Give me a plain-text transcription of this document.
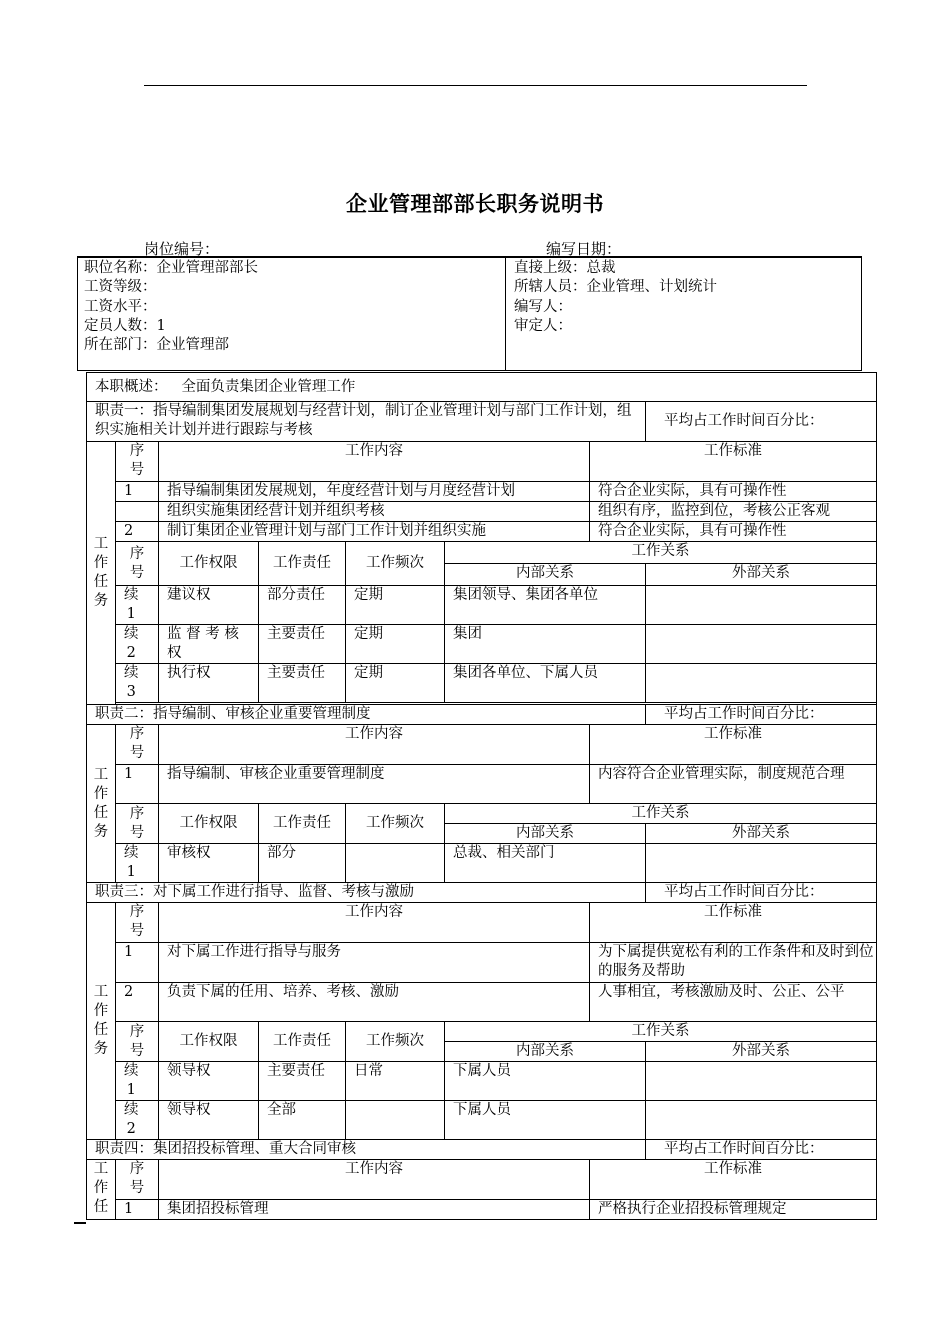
企业管理部部长职务说明书
岗位编号：	编写日期：
职位名称：企业管理部部长
工资等级：
工资水平：
定员人数：1
所在部门：企业管理部
直接上级：总裁
所辖人员：企业管理、计划统计
编写人：
审定人：
本职概述： 全面负责集团企业管理工作							
职责一：指导编制集团发展规划与经营计划，制订企业管理计划与部门工作计划，组织实施相关计划并进行跟踪与考核							平均占工作时间百分比：

工作任务	序号	工作内容				工作标准	
	1	指导编制集团发展规划，年度经营计划与月度经营计划				符合企业实际，具有可操作性	
		组织实施集团经营计划并组织考核				组织有序，监控到位，考核公正客观	
	2	制订集团企业管理计划与部门工作计划并组织实施				符合企业实际，具有可操作性	

	序号	工作权限	工作责任	工作频次	工作关系		
					内部关系		外部关系

	续1	建议权	部分责任	定期	集团领导、集团各单位		

	续2	监 督 考 核 权	主要责任	定期	集团		

	续3	执行权	主要责任	定期	集团各单位、下属人员		

职责二：指导编制、审核企业重要管理制度							平均占工作时间百分比：

工作任务	序号	工作内容				工作标准	
	1	指导编制、审核企业重要管理制度				内容符合企业管理实际，制度规范合理	

	序号	工作权限	工作责任	工作频次	工作关系		
					内部关系		外部关系

	续1	审核权	部分		总裁、相关部门		
职责三：对下属工作进行指导、监督、考核与激励							平均占工作时间百分比：

工作任务	序号	工作内容				工作标准	
	1	对下属工作进行指导与服务				为下属提供宽松有利的工作条件和及时到位的服务及帮助	
	2	负责下属的任用、培养、考核、激励				人事相宜，考核激励及时、公正、公平	

	序号	工作权限	工作责任	工作频次	工作关系		
					内部关系		外部关系

	续1	领导权	主要责任	日常	下属人员		

	续2	领导权	全部		下属人员		
职责四：集团招投标管理、重大合同审核							平均占工作时间百分比：

工作任	序号	工作内容				工作标准	
	1	集团招投标管理				严格执行企业招投标管理规定	
